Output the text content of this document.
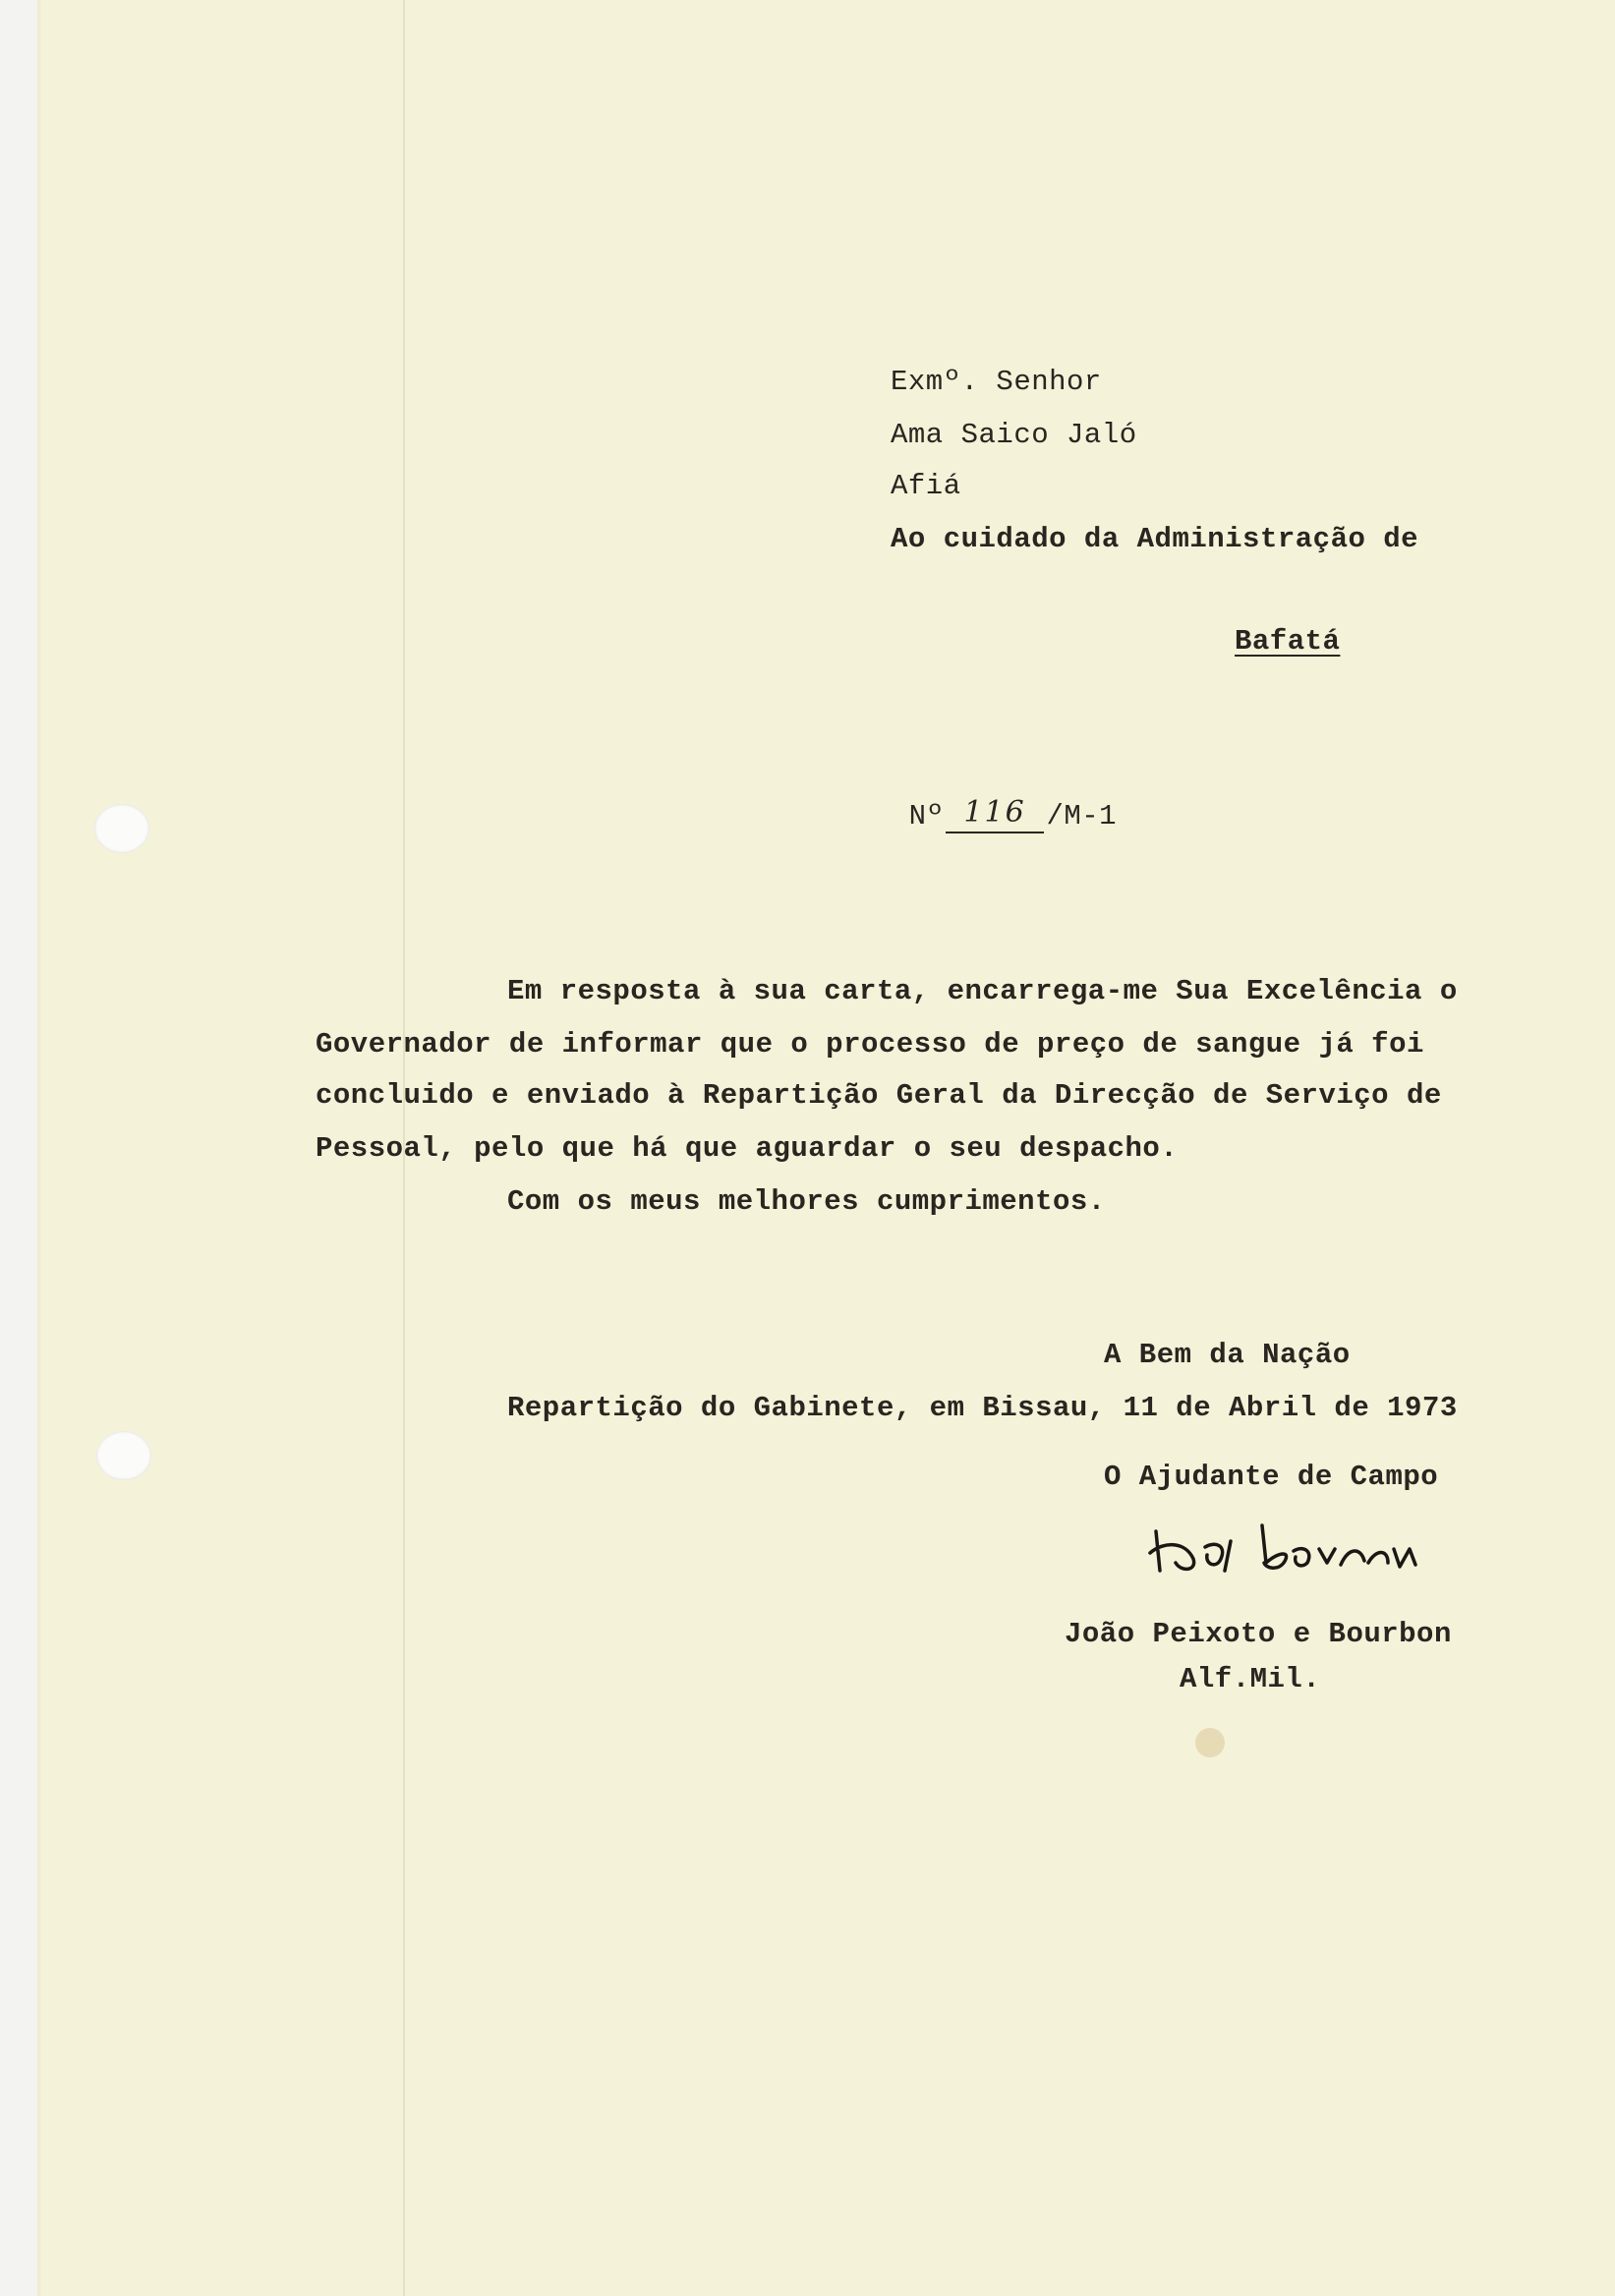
Exmº. Senhor
Ama Saico Jaló
Afiá
Ao cuidado da Administração de
Bafatá

Nº 116 /M-1

Em resposta à sua carta, encarrega-me Sua Excelência o
Governador de informar que o processo de preço de sangue já foi
concluido e enviado à Repartição Geral da Direcção de Serviço de
Pessoal, pelo que há que aguardar o seu despacho.
Com os meus melhores cumprimentos.
A Bem da Nação
Repartição do Gabinete, em Bissau, 11 de Abril de 1973
O Ajudante de Campo
João Peixoto e Bourbon
Alf.Mil.
